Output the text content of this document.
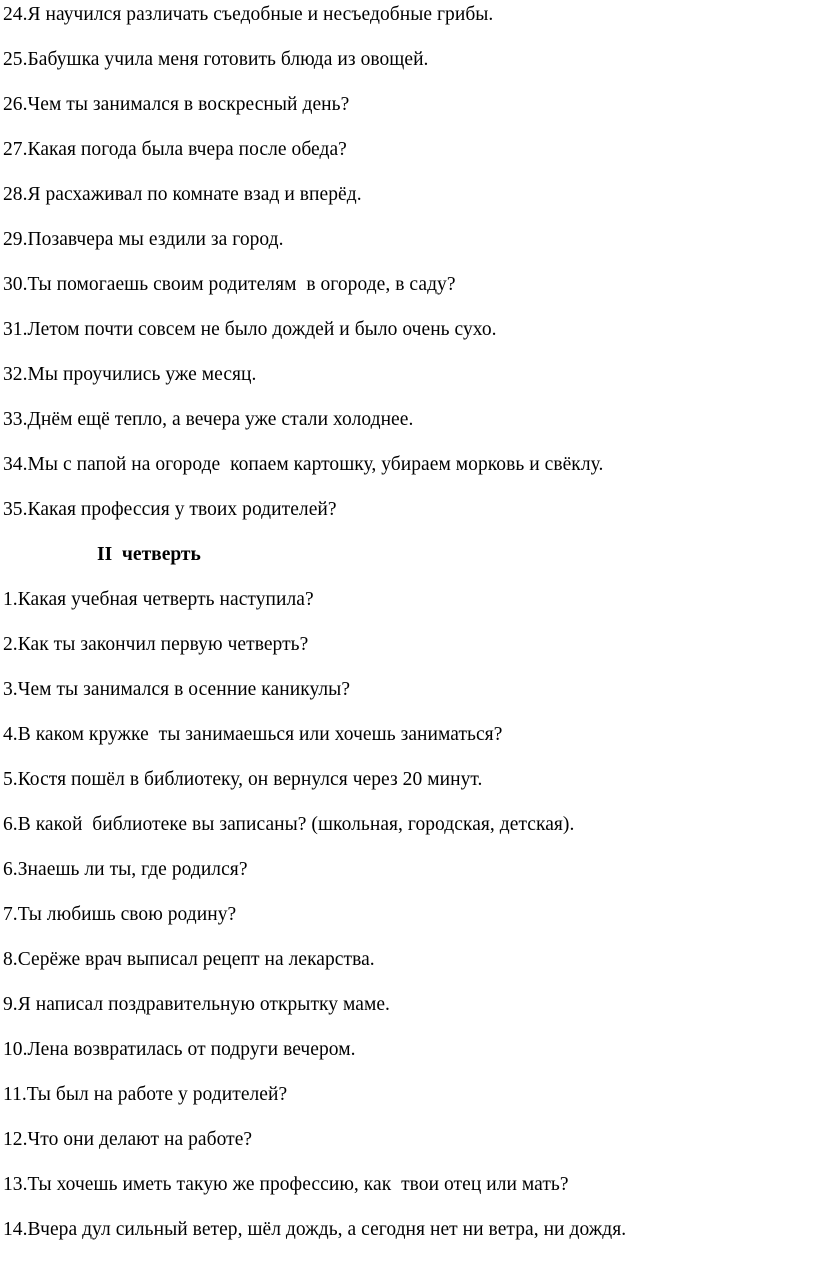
24.Я научился различать съедобные и несъедобные грибы.
25.Бабушка учила меня готовить блюда из овощей.
26.Чем ты занимался в воскресный день?
27.Какая погода была вчера после обеда?
28.Я расхаживал по комнате взад и вперёд.
29.Позавчера мы ездили за город.
30.Ты помогаешь своим родителям  в огороде, в саду?
31.Летом почти совсем не было дождей и было очень сухо.
32.Мы проучились уже месяц.
33.Днём ещё тепло, а вечера уже стали холоднее.
34.Мы с папой на огороде  копаем картошку, убираем морковь и свёклу.
35.Какая профессия у твоих родителей?
II  четверть
1.Какая учебная четверть наступила?
2.Как ты закончил первую четверть?
3.Чем ты занимался в осенние каникулы?
4.В каком кружке  ты занимаешься или хочешь заниматься?
5.Костя пошёл в библиотеку, он вернулся через 20 минут.
6.В какой  библиотеке вы записаны? (школьная, городская, детская).
6.Знаешь ли ты, где родился?
7.Ты любишь свою родину?
8.Серёже врач выписал рецепт на лекарства.
9.Я написал поздравительную открытку маме.
10.Лена возвратилась от подруги вечером.
11.Ты был на работе у родителей?
12.Что они делают на работе?
13.Ты хочешь иметь такую же профессию, как  твои отец или мать?
14.Вчера дул сильный ветер, шёл дождь, а сегодня нет ни ветра, ни дождя.
